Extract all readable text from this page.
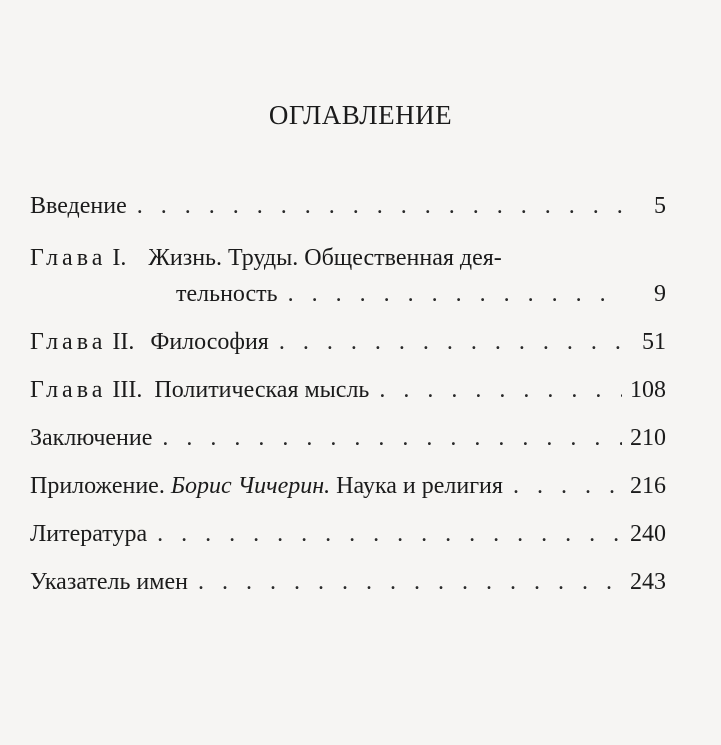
ОГЛАВЛЕНИЕ
Введение . . .	5
Глава I. Жизнь. Труды. Общественная дея-
тельность . . .	9
Глава II. Философия . . .	51
Глава III. Политическая мысль . . .	108
Заключение . . .	210
Приложение. Борис Чичерин. Наука и религия . . .	216
Литература . . .	240
Указатель имен . . .	243
